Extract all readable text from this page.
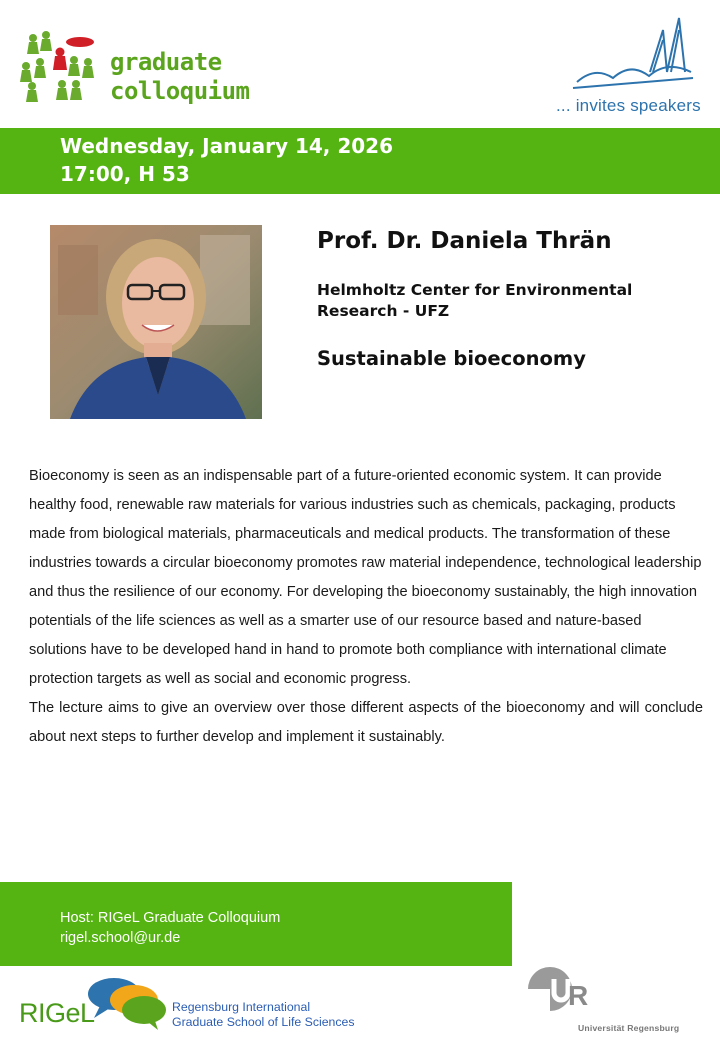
graduate
colloquium
... invites speakers
Wednesday, January 14, 2026
17:00, H 53
Prof. Dr. Daniela Thrän
Helmholtz Center for Environmental
Research - UFZ
Sustainable bioeconomy

Bioeconomy is seen as an indispensable part of a future-oriented economic system. It can provide healthy food, renewable raw materials for various industries such as chemicals, packaging, products made from biological materials, pharmaceuticals and medical products. The transformation of these industries towards a circular bioeconomy promotes raw material independence, technological leadership and thus the resilience of our economy. For developing the bioeconomy sustainably, the high innovation potentials of the life sciences as well as a smarter use of our resource based and nature-based solutions have to be developed hand in hand to promote both compliance with international climate protection targets as well as social and economic progress.

The lecture aims to give an overview over those different aspects of the bioeconomy and will conclude about next steps to further develop and implement it sustainably.

Host: RIGeL Graduate Colloquium
rigel.school@ur.de
RIGeL	Regensburg International
Graduate School of Life Sciences
R
Universität Regensburg
